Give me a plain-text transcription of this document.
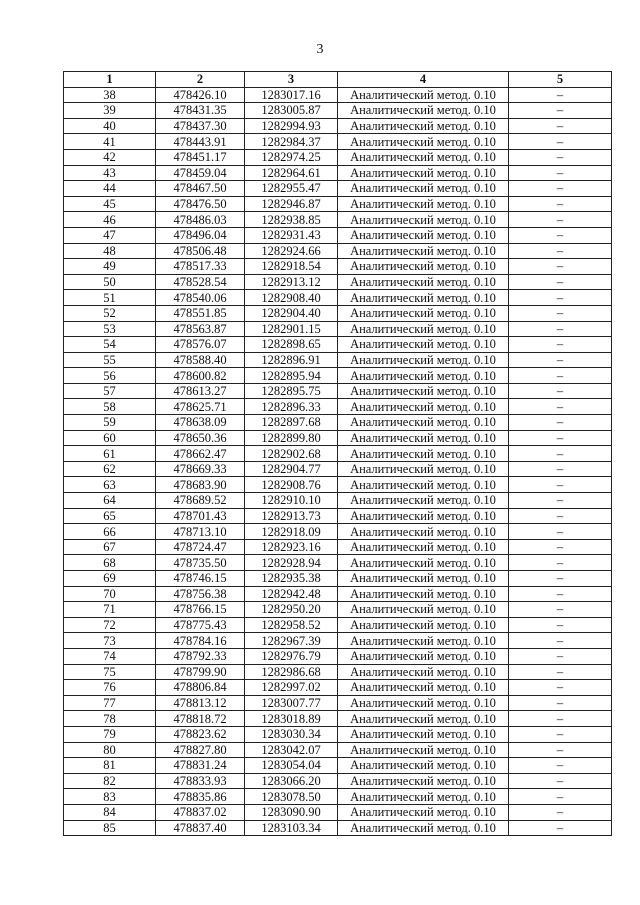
3
1	2	3	4	5
38	478426.10	1283017.16	Аналитический метод. 0.10	–
39	478431.35	1283005.87	Аналитический метод. 0.10	–
40	478437.30	1282994.93	Аналитический метод. 0.10	–
41	478443.91	1282984.37	Аналитический метод. 0.10	–
42	478451.17	1282974.25	Аналитический метод. 0.10	–
43	478459.04	1282964.61	Аналитический метод. 0.10	–
44	478467.50	1282955.47	Аналитический метод. 0.10	–
45	478476.50	1282946.87	Аналитический метод. 0.10	–
46	478486.03	1282938.85	Аналитический метод. 0.10	–
47	478496.04	1282931.43	Аналитический метод. 0.10	–
48	478506.48	1282924.66	Аналитический метод. 0.10	–
49	478517.33	1282918.54	Аналитический метод. 0.10	–
50	478528.54	1282913.12	Аналитический метод. 0.10	–
51	478540.06	1282908.40	Аналитический метод. 0.10	–
52	478551.85	1282904.40	Аналитический метод. 0.10	–
53	478563.87	1282901.15	Аналитический метод. 0.10	–
54	478576.07	1282898.65	Аналитический метод. 0.10	–
55	478588.40	1282896.91	Аналитический метод. 0.10	–
56	478600.82	1282895.94	Аналитический метод. 0.10	–
57	478613.27	1282895.75	Аналитический метод. 0.10	–
58	478625.71	1282896.33	Аналитический метод. 0.10	–
59	478638.09	1282897.68	Аналитический метод. 0.10	–
60	478650.36	1282899.80	Аналитический метод. 0.10	–
61	478662.47	1282902.68	Аналитический метод. 0.10	–
62	478669.33	1282904.77	Аналитический метод. 0.10	–
63	478683.90	1282908.76	Аналитический метод. 0.10	–
64	478689.52	1282910.10	Аналитический метод. 0.10	–
65	478701.43	1282913.73	Аналитический метод. 0.10	–
66	478713.10	1282918.09	Аналитический метод. 0.10	–
67	478724.47	1282923.16	Аналитический метод. 0.10	–
68	478735.50	1282928.94	Аналитический метод. 0.10	–
69	478746.15	1282935.38	Аналитический метод. 0.10	–
70	478756.38	1282942.48	Аналитический метод. 0.10	–
71	478766.15	1282950.20	Аналитический метод. 0.10	–
72	478775.43	1282958.52	Аналитический метод. 0.10	–
73	478784.16	1282967.39	Аналитический метод. 0.10	–
74	478792.33	1282976.79	Аналитический метод. 0.10	–
75	478799.90	1282986.68	Аналитический метод. 0.10	–
76	478806.84	1282997.02	Аналитический метод. 0.10	–
77	478813.12	1283007.77	Аналитический метод. 0.10	–
78	478818.72	1283018.89	Аналитический метод. 0.10	–
79	478823.62	1283030.34	Аналитический метод. 0.10	–
80	478827.80	1283042.07	Аналитический метод. 0.10	–
81	478831.24	1283054.04	Аналитический метод. 0.10	–
82	478833.93	1283066.20	Аналитический метод. 0.10	–
83	478835.86	1283078.50	Аналитический метод. 0.10	–
84	478837.02	1283090.90	Аналитический метод. 0.10	–
85	478837.40	1283103.34	Аналитический метод. 0.10	–
